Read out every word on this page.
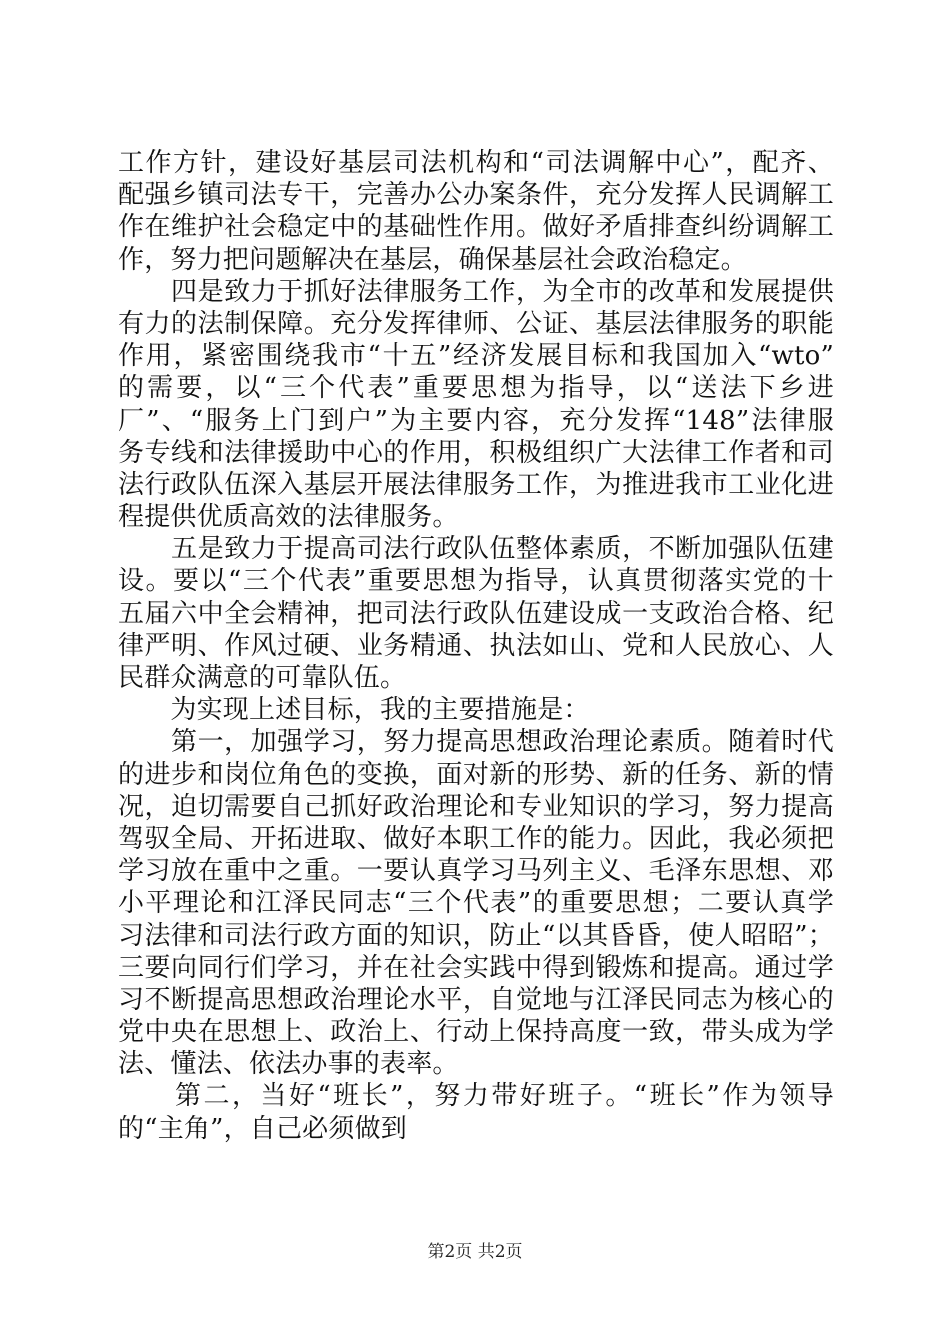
工作方针，建设好基层司法机构和“司法调解中心”，配齐、
配强乡镇司法专干，完善办公办案条件，充分发挥人民调解工
作在维护社会稳定中的基础性作用。做好矛盾排查纠纷调解工
作，努力把问题解决在基层，确保基层社会政治稳定。
　　四是致力于抓好法律服务工作，为全市的改革和发展提供
有力的法制保障。充分发挥律师、公证、基层法律服务的职能
作用，紧密围绕我市“十五”经济发展目标和我国加入“wto”
的需要，以“三个代表”重要思想为指导，以“送法下乡进
厂”、“服务上门到户”为主要内容，充分发挥“148”法律服
务专线和法律援助中心的作用，积极组织广大法律工作者和司
法行政队伍深入基层开展法律服务工作，为推进我市工业化进
程提供优质高效的法律服务。
　　五是致力于提高司法行政队伍整体素质，不断加强队伍建
设。要以“三个代表”重要思想为指导，认真贯彻落实党的十
五届六中全会精神，把司法行政队伍建设成一支政治合格、纪
律严明、作风过硬、业务精通、执法如山、党和人民放心、人
民群众满意的可靠队伍。
　　为实现上述目标，我的主要措施是：
　　第一，加强学习，努力提高思想政治理论素质。随着时代
的进步和岗位角色的变换，面对新的形势、新的任务、新的情
况，迫切需要自己抓好政治理论和专业知识的学习，努力提高
驾驭全局、开拓进取、做好本职工作的能力。因此，我必须把
学习放在重中之重。一要认真学习马列主义、毛泽东思想、邓
小平理论和江泽民同志“三个代表”的重要思想；二要认真学
习法律和司法行政方面的知识，防止“以其昏昏，使人昭昭”；
三要向同行们学习，并在社会实践中得到锻炼和提高。通过学
习不断提高思想政治理论水平，自觉地与江泽民同志为核心的
党中央在思想上、政治上、行动上保持高度一致，带头成为学
法、懂法、依法办事的表率。
　　第二，当好“班长”，努力带好班子。“班长”作为领导
的“主角”，自己必须做到
第2页 共2页
